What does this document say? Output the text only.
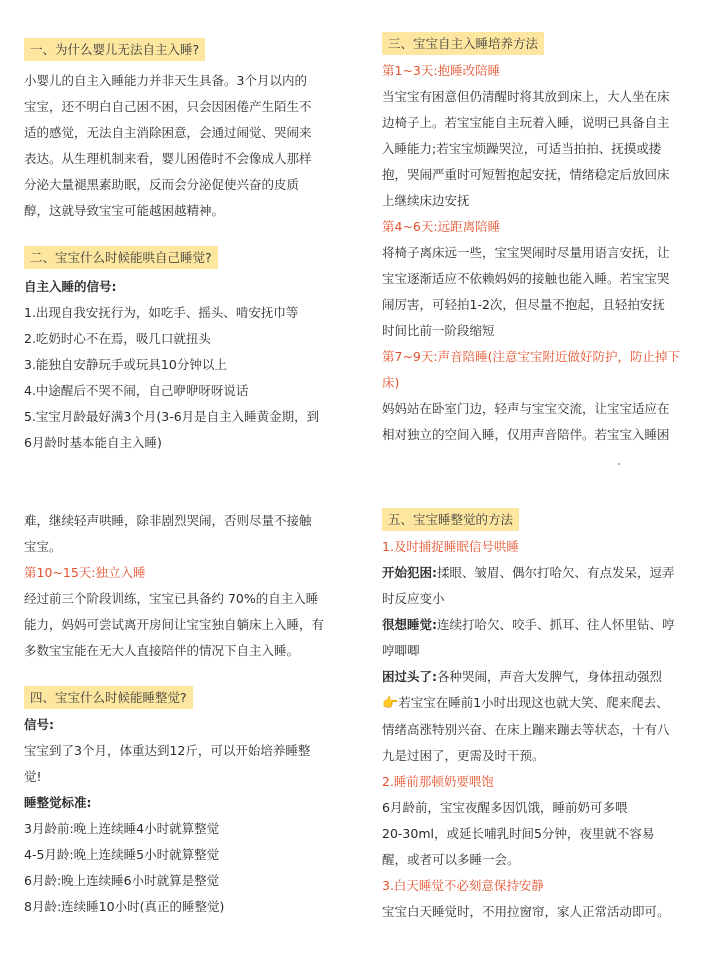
一、为什么婴儿无法自主入睡?

小婴儿的自主入睡能力并非天生具备。3个月以内的

宝宝，还不明白自己困不困，只会因困倦产生陌生不

适的感觉，无法自主消除困意，会通过闹觉、哭闹来

表达。从生理机制来看，婴儿困倦时不会像成人那样

分泌大量褪黑素助眠，反而会分泌促使兴奋的皮质

醇，这就导致宝宝可能越困越精神。

二、宝宝什么时候能哄自己睡觉?

自主入睡的信号:

1.出现自我安抚行为，如吃手、摇头、啃安抚巾等

2.吃奶时心不在焉，吸几口就扭头

3.能独自安静玩手或玩具10分钟以上

4.中途醒后不哭不闹，自己咿咿呀呀说话

5.宝宝月龄最好满3个月(3-6月是自主入睡黄金期，到

6月龄时基本能自主入睡)

三、宝宝自主入睡培养方法

第1~3天:抱睡改陪睡

当宝宝有困意但仍清醒时将其放到床上，大人坐在床

边椅子上。若宝宝能自主玩着入睡，说明已具备自主

入睡能力;若宝宝烦躁哭泣，可适当拍拍、抚摸或搂

抱，哭闹严重时可短暂抱起安抚，情绪稳定后放回床

上继续床边安抚

第4~6天:远距离陪睡

将椅子离床远一些，宝宝哭闹时尽量用语言安抚，让

宝宝逐渐适应不依赖妈妈的接触也能入睡。若宝宝哭

闹厉害，可轻拍1-2次，但尽量不抱起，且轻拍安抚

时间比前一阶段缩短

第7~9天:声音陪睡(注意宝宝附近做好防护，防止掉下

床)

妈妈站在卧室门边，轻声与宝宝交流，让宝宝适应在

相对独立的空间入睡，仅用声音陪伴。若宝宝入睡困

难，继续轻声哄睡，除非剧烈哭闹，否则尽量不接触

宝宝。

第10~15天:独立入睡

经过前三个阶段训练，宝宝已具备约 70%的自主入睡

能力，妈妈可尝试离开房间让宝宝独自躺床上入睡，有

多数宝宝能在无大人直接陪伴的情况下自主入睡。

四、宝宝什么时候能睡整觉?

信号:

宝宝到了3个月，体重达到12斤，可以开始培养睡整

觉!

睡整觉标准:

3月龄前:晚上连续睡4小时就算整觉

4-5月龄:晚上连续睡5小时就算整觉

6月龄:晚上连续睡6小时就算是整觉

8月龄:连续睡10小时(真正的睡整觉)

五、宝宝睡整觉的方法

1.及时捕捉睡眠信号哄睡

开始犯困:揉眼、皱眉、偶尔打哈欠、有点发呆，逗弄

时反应变小

很想睡觉:连续打哈欠、咬手、抓耳、往人怀里钻、哼

哼唧唧

困过头了:各种哭闹，声音大发脾气，身体扭动强烈

👉若宝宝在睡前1小时出现这也就大笑、爬来爬去、

情绪高涨特别兴奋、在床上蹦来蹦去等状态，十有八

九是过困了，更需及时干预。

2.睡前那顿奶要喂饱

6月龄前，宝宝夜醒多因饥饿，睡前奶可多喂

20-30ml，或延长哺乳时间5分钟，夜里就不容易

醒，或者可以多睡一会。

3.白天睡觉不必刻意保持安静

宝宝白天睡觉时，不用拉窗帘，家人正常活动即可。
